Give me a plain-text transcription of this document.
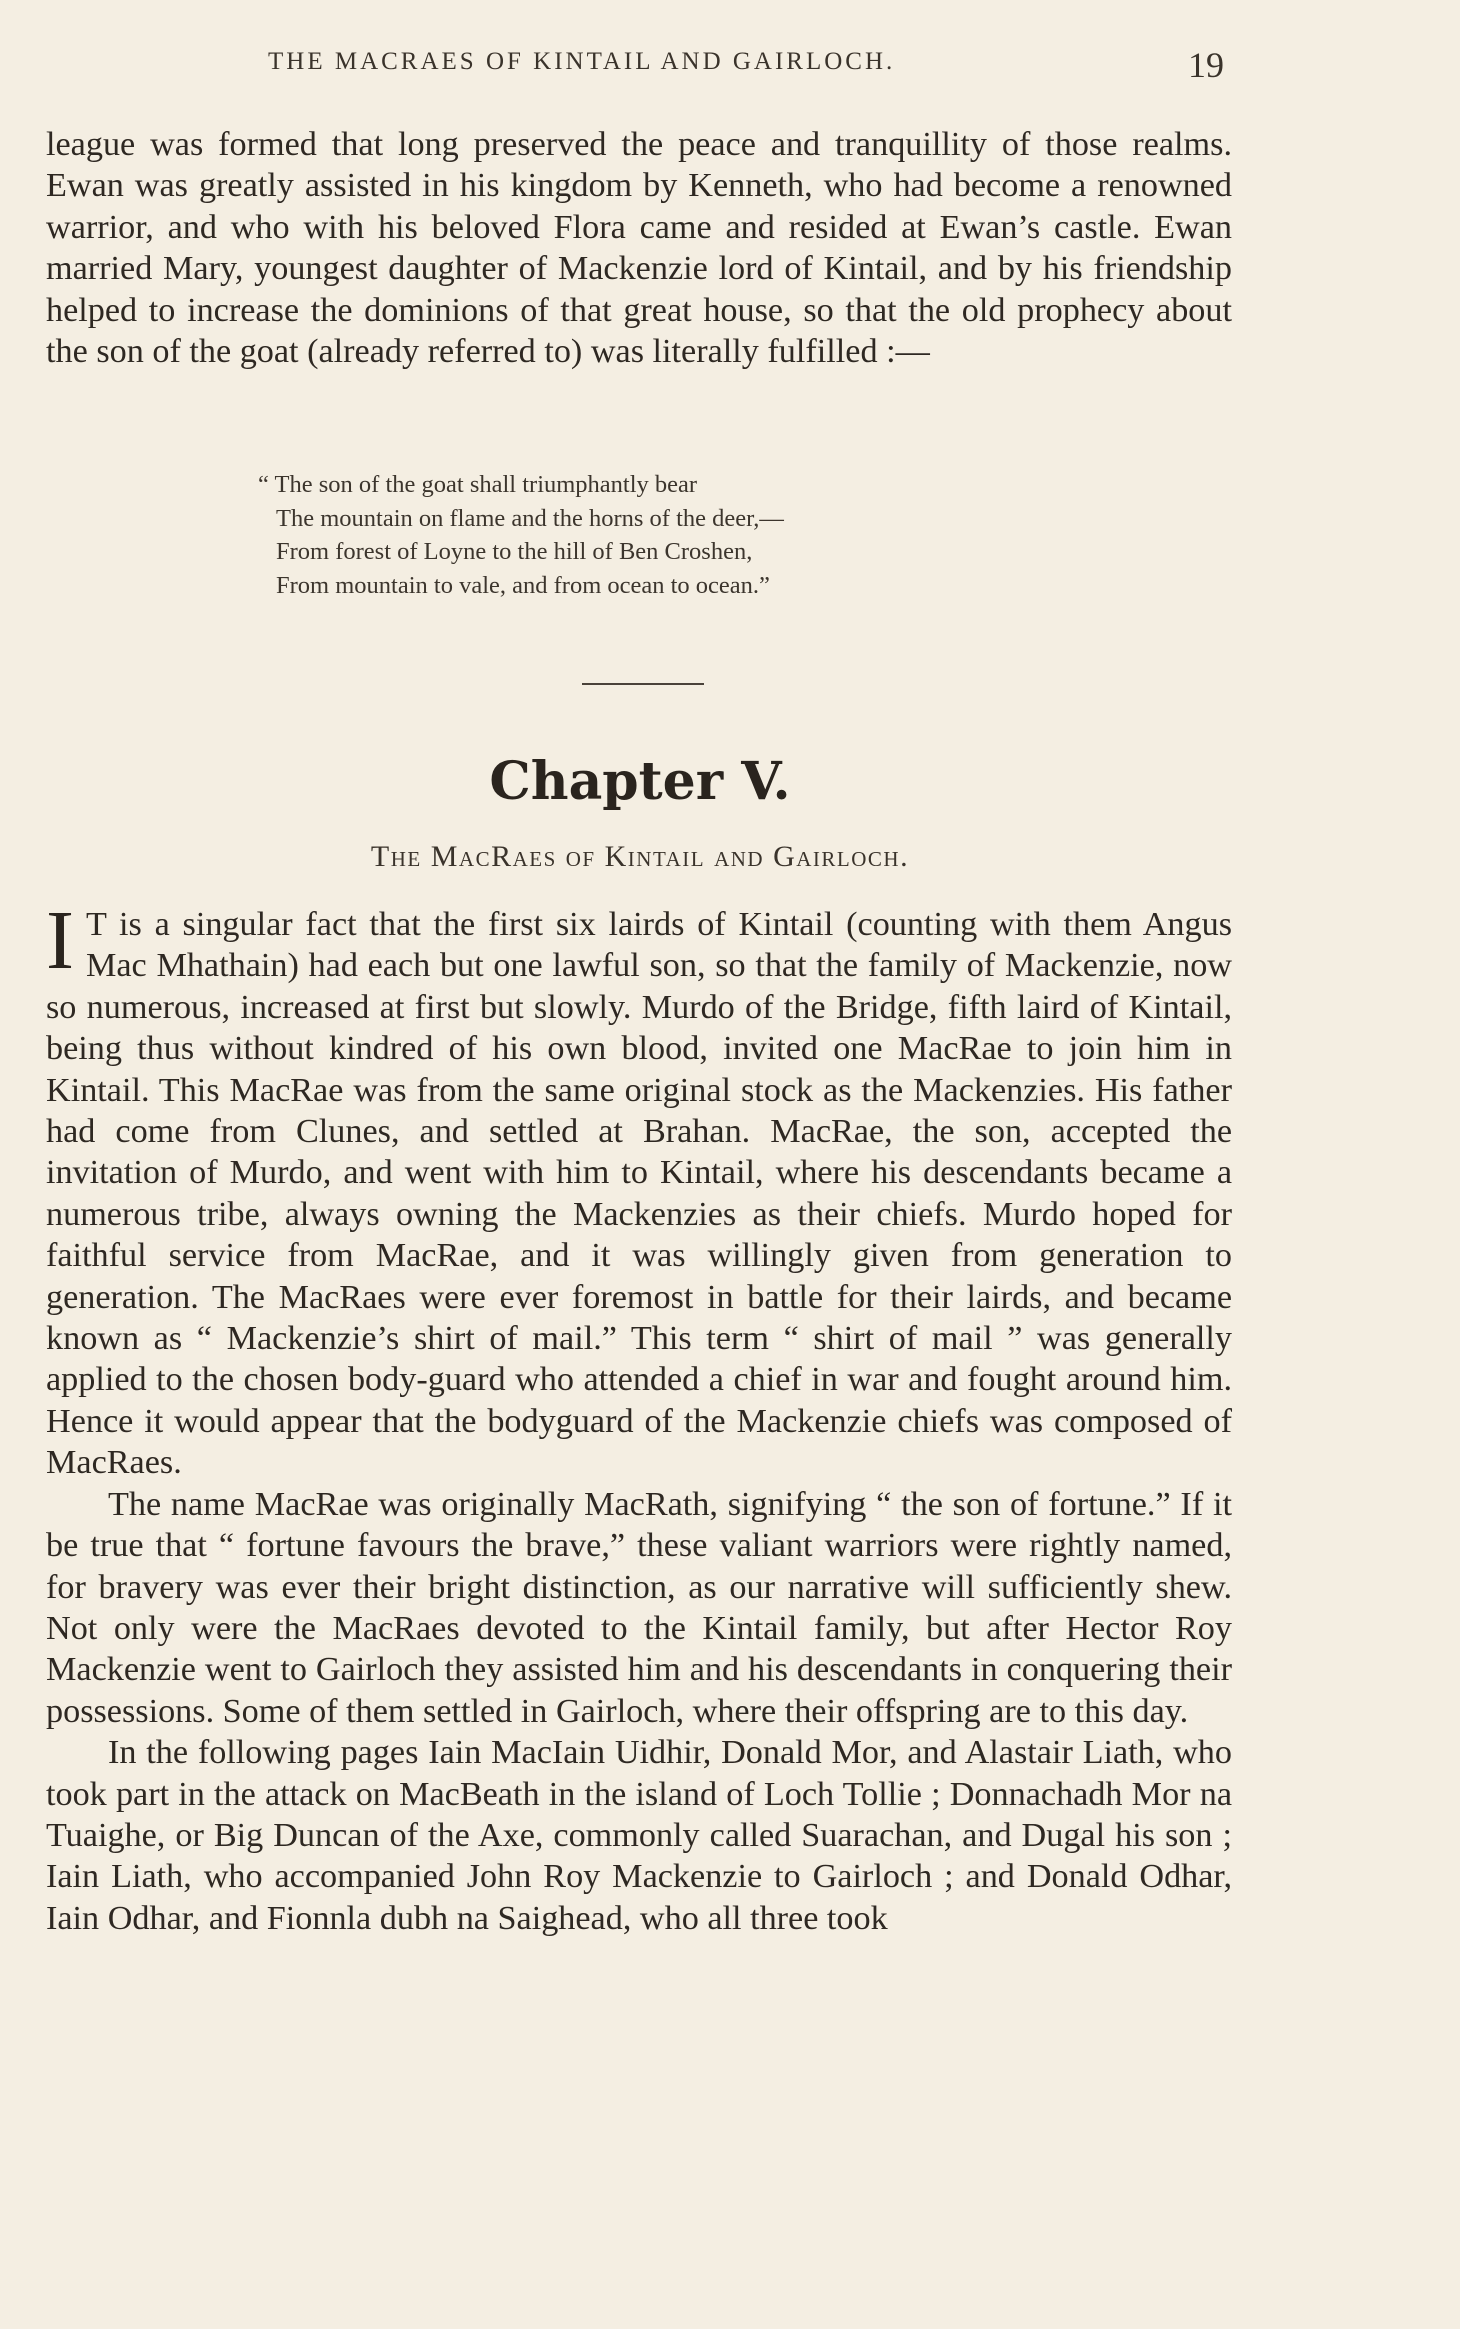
THE MACRAES OF KINTAIL AND GAIRLOCH.	19

league was formed that long preserved the peace and tranquillity of those realms. Ewan was greatly assisted in his kingdom by Kenneth, who had become a renowned warrior, and who with his beloved Flora came and resided at Ewan’s castle. Ewan married Mary, youngest daughter of Mackenzie lord of Kintail, and by his friendship helped to increase the dominions of that great house, so that the old prophecy about the son of the goat (already referred to) was literally fulfilled :—

“ The son of the goat shall triumphantly bear
The mountain on flame and the horns of the deer,—
From forest of Loyne to the hill of Ben Croshen,
From mountain to vale, and from ocean to ocean.”
Chapter V.
The MacRaes of Kintail and Gairloch.

I T is a singular fact that the first six lairds of Kintail (counting with them Angus Mac Mhathain) had each but one lawful son, so that the family of Mackenzie, now so numerous, increased at first but slowly. Murdo of the Bridge, fifth laird of Kintail, being thus without kindred of his own blood, invited one MacRae to join him in Kintail. This MacRae was from the same original stock as the Mackenzies. His father had come from Clunes, and settled at Brahan. MacRae, the son, accepted the invitation of Murdo, and went with him to Kintail, where his descendants became a numerous tribe, always owning the Mackenzies as their chiefs. Murdo hoped for faithful service from MacRae, and it was willingly given from generation to generation. The MacRaes were ever foremost in battle for their lairds, and became known as “ Mackenzie’s shirt of mail.” This term “ shirt of mail ” was generally applied to the chosen body-guard who attended a chief in war and fought around him. Hence it would appear that the bodyguard of the Mackenzie chiefs was composed of MacRaes.

The name MacRae was originally MacRath, signifying “ the son of fortune.” If it be true that “ fortune favours the brave,” these valiant warriors were rightly named, for bravery was ever their bright distinction, as our narrative will sufficiently shew. Not only were the MacRaes devoted to the Kintail family, but after Hector Roy Mackenzie went to Gairloch they assisted him and his descendants in conquering their possessions. Some of them settled in Gairloch, where their offspring are to this day.

In the following pages Iain MacIain Uidhir, Donald Mor, and Alastair Liath, who took part in the attack on MacBeath in the island of Loch Tollie ; Donnachadh Mor na Tuaighe, or Big Duncan of the Axe, commonly called Suarachan, and Dugal his son ; Iain Liath, who accompanied John Roy Mackenzie to Gairloch ; and Donald Odhar, Iain Odhar, and Fionnla dubh na Saighead, who all three took
